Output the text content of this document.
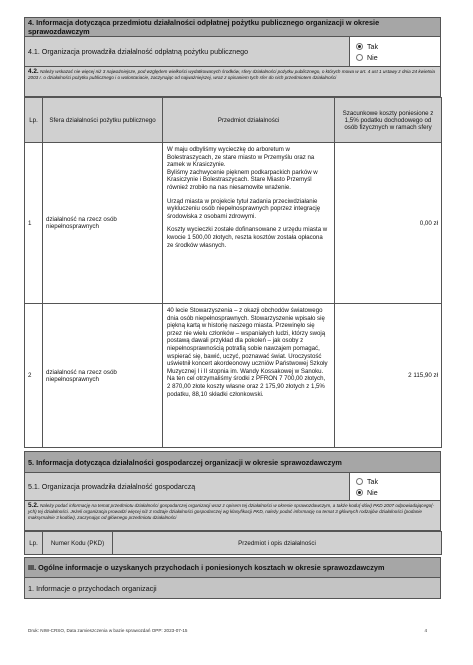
4. Informacja dotycząca przedmiotu działalności odpłatnej pożytku publicznego organizacji w okresie sprawozdawczym
4.1. Organizacja prowadziła działalność odpłatną pożytku publicznego
Tak
Nie
4.2. Należy wskazać nie więcej niż 3 najważniejsze, pod względem wielkości wydatkowanych środków, sfery działalności pożytku publicznego, o których mowa w art. 4 ust 1 ustawy z dnia 24 kwietnia 2003 r. o działalności pożytku publicznego i o wolontariacie, zaczynając od najważniejszej, wraz z opisaniem tych sfer do nich przedmiotem działalności
Lp.	Sfera działalności pożytku publicznego	Przedmiot działalności	Szacunkowe koszty poniesione z 1,5% podatku dochodowego od osób fizycznych w ramach sfery
1	działalność na rzecz osób niepełnosprawnych	W maju odbyliśmy wycieczkę do arboretum w Bolestraszycach, ze stare miasto w Przemyślu oraz na zamek w Krasiczynie.
Byliśmy zachwycenie pięknem podkarpackich parków w Krasiczynie i Bolestraszycach. Stare Miasto Przemyśl również zrobiło na nas niesamowite wrażenie.
Urząd miasta w projekcie tytuł zadania przeciwdziałanie wykluczeniu osób niepełnosprawnych poprzez integrację środowiska z osobami zdrowymi.
Koszty wycieczki zostałe dofinansowane z urzędu miasta w kwocie 1 500,00 złotych, reszta kosztów została opłacona ze środków własnych.	0,00 zł
2	działalność na rzecz osób niepełnosprawnych	40 lecie Stowarzyszenia – z okazji obchodów światowego dnia osób niepełnosprawnych. Stowarzyszenie wpisało się piękną kartą w historię naszego miasta. Przewinęło się przez nie wielu członków – wspaniałych ludzi, którzy swoją postawą dawali przykład dla pokoleń – jak osoby z niepełnosprawnością potrafią sobie nawzajem pomagać, wspierać się, bawić, uczyć, poznawać świat. Uroczystość uświetnił koncert akordeonowy uczniów Państwowej Szkoły Muzycznej I i II stopnia im. Wandy Kossakowej w Sanoku.
Na ten cel otrzymaliśmy środki z PFRON 7 700,00 złotych, 2 870,00 złote koszty własne oraz 2 175,90 złotych z 1,5% podatku, 88,10 składki członkowski.	2 115,90 zł
5. Informacja dotycząca działalności gospodarczej organizacji w okresie sprawozdawczym
5.1. Organizacja prowadziła działalność gospodarczą
Tak
Nie
5.2. Należy podać informację na temat przedmiotu działalności gospodarczej organizacji wraz z opisem tej działalności w okresie sprawozdawczym, a także kodu(-dów) PKD 2007 odpowiadającego(-ych) tej działalności. Jeżeli organizacja prowadzi więcej niż 3 rodzaje działalności gospodarczej wg klasyfikacji PKD, należy podać informację na temat 3 głównych rodzajów działalności (podanie maksymalnie 3 kodów), zaczynając od głównego przedmiotu działalności
Lp.	Numer Kodu (PKD)	Przedmiot i opis działalności
III. Ogólne informacje o uzyskanych przychodach i poniesionych kosztach w okresie sprawozdawczym
1. Informacje o przychodach organizacji
Druk: NIW-CRSO, Data zamieszczenia w bazie sprawozdań OPP: 2023-07-15	4
